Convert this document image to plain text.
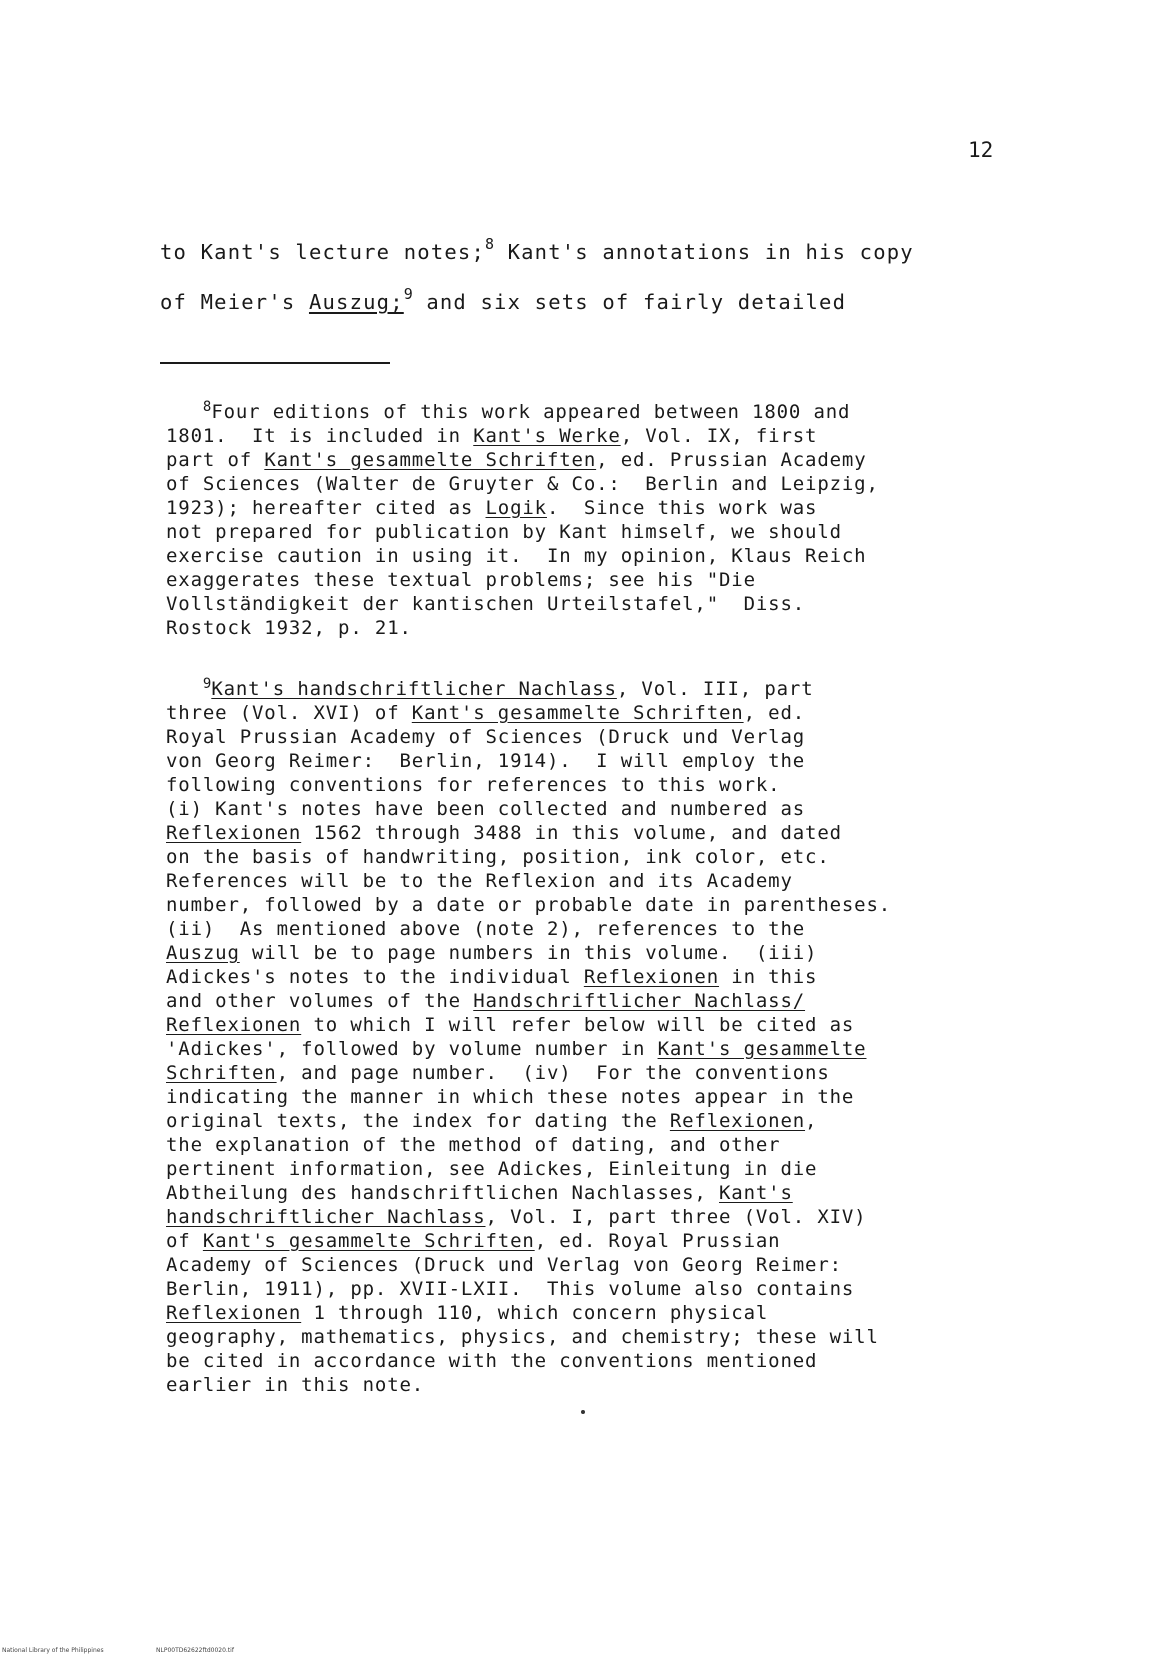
12
to Kant's lecture notes;$^8$ Kant's annotations in his copy
of Meier's Auszug;$^9$ and six sets of fairly detailed
$^8$Four editions of this work appeared between 1800 and
1801.  It is included in Kant's Werke, Vol. IX, first
part of Kant's gesammelte Schriften, ed. Prussian Academy
of Sciences (Walter de Gruyter & Co.:  Berlin and Leipzig,
1923); hereafter cited as Logik.  Since this work was
not prepared for publication by Kant himself, we should
exercise caution in using it.  In my opinion, Klaus Reich
exaggerates these textual problems; see his "Die
Vollständigkeit der kantischen Urteilstafel,"  Diss.
Rostock 1932, p. 21.
$^9$Kant's handschriftlicher Nachlass, Vol. III, part
three (Vol. XVI) of Kant's gesammelte Schriften, ed.
Royal Prussian Academy of Sciences (Druck und Verlag
von Georg Reimer:  Berlin, 1914).  I will employ the
following conventions for references to this work.
(i) Kant's notes have been collected and numbered as
Reflexionen 1562 through 3488 in this volume, and dated
on the basis of handwriting, position, ink color, etc.
References will be to the Reflexion and its Academy
number, followed by a date or probable date in parentheses.
(ii)  As mentioned above (note 2), references to the
Auszug will be to page numbers in this volume.  (iii)
Adickes's notes to the individual Reflexionen in this
and other volumes of the Handschriftlicher Nachlass/
Reflexionen to which I will refer below will be cited as
'Adickes', followed by volume number in Kant's gesammelte
Schriften, and page number.  (iv)  For the conventions
indicating the manner in which these notes appear in the
original texts, the index for dating the Reflexionen,
the explanation of the method of dating, and other
pertinent information, see Adickes, Einleitung in die
Abtheilung des handschriftlichen Nachlasses, Kant's
handschriftlicher Nachlass, Vol. I, part three (Vol. XIV)
of Kant's gesammelte Schriften, ed. Royal Prussian
Academy of Sciences (Druck und Verlag von Georg Reimer:
Berlin, 1911), pp. XVII-LXII.  This volume also contains
Reflexionen 1 through 110, which concern physical
geography, mathematics, physics, and chemistry; these will
be cited in accordance with the conventions mentioned
earlier in this note.
National Library of the Philippines	NLP00TD62622ftd0020.tif
